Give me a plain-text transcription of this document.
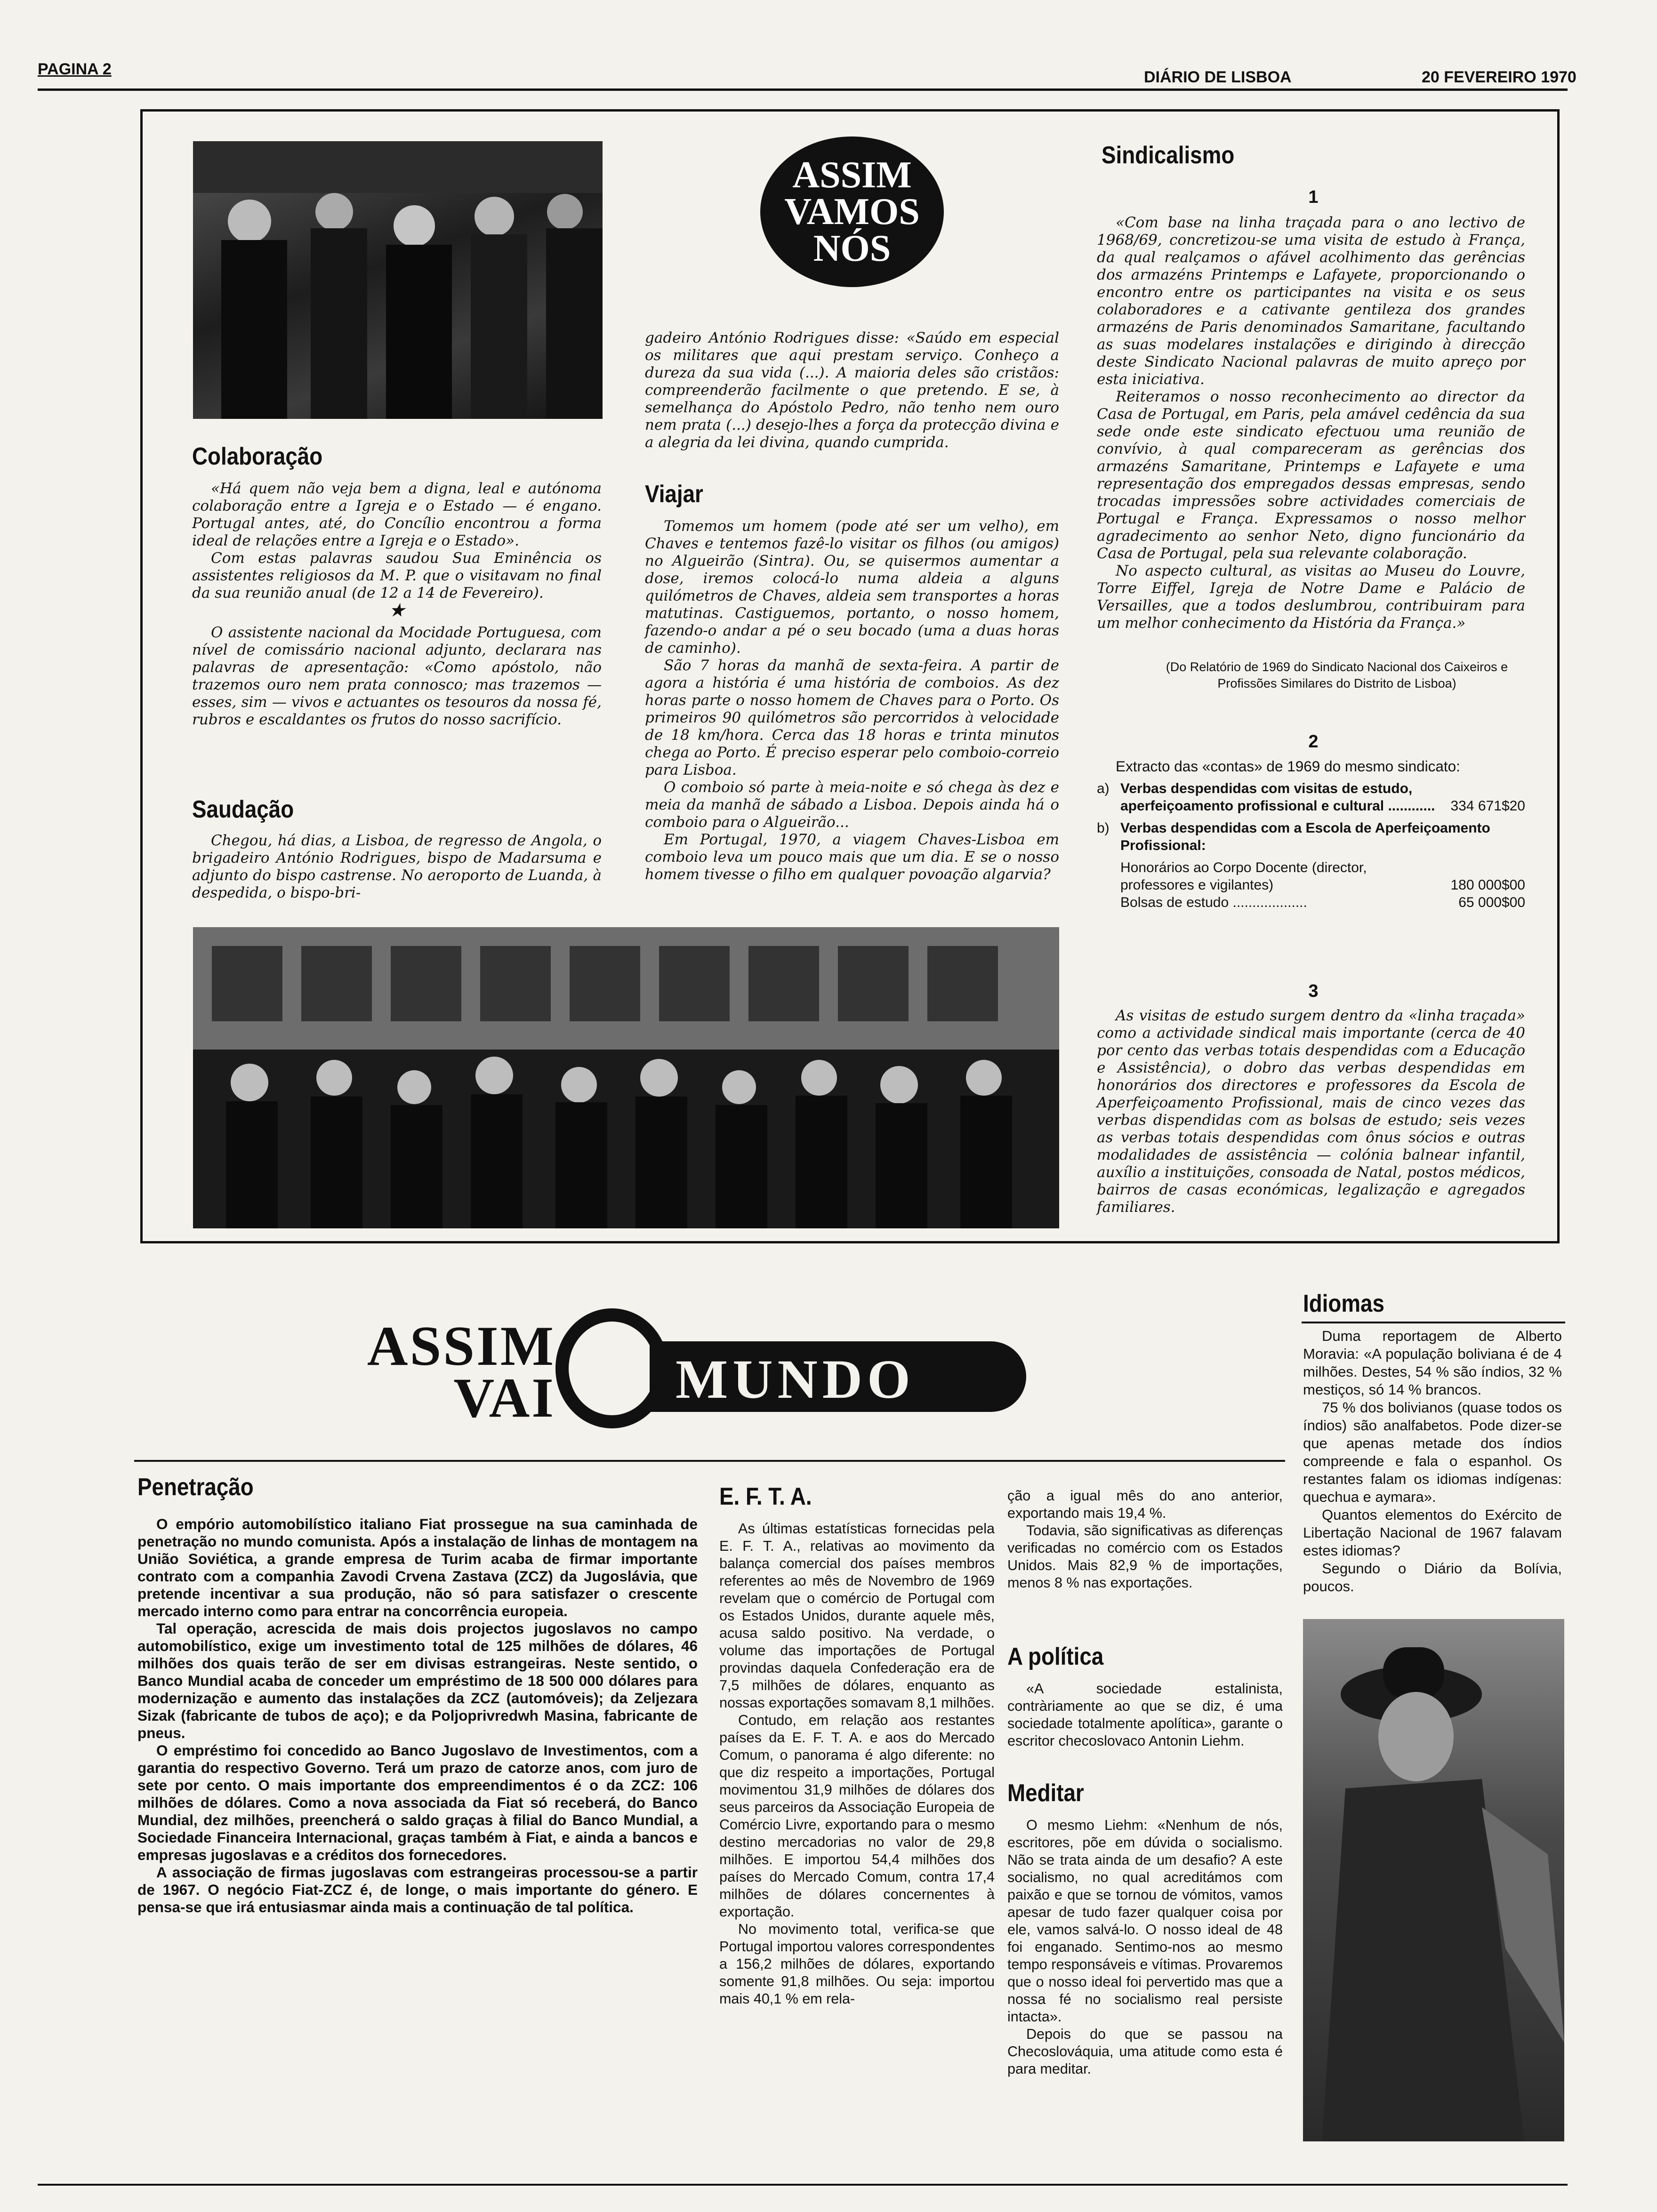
PAGINA 2	DIÁRIO DE LISBOA	20 FEVEREIRO 1970
ASSIM
VAMOS
NÓS
Colaboração

«Há quem não veja bem a digna, leal e autónoma colaboração entre a Igreja e o Estado — é engano. Portugal antes, até, do Concílio encontrou a forma ideal de relações entre a Igreja e o Estado».

Com estas palavras saudou Sua Eminência os assistentes religiosos da M. P. que o visitavam no final da sua reunião anual (de 12 a 14 de Fevereiro).

★

O assistente nacional da Mocidade Portuguesa, com nível de comissário nacional adjunto, declarara nas palavras de apresentação: «Como apóstolo, não trazemos ouro nem prata connosco; mas trazemos — esses, sim — vivos e actuantes os tesouros da nossa fé, rubros e escaldantes os frutos do nosso sacrifício.

Saudação

Chegou, há dias, a Lisboa, de regresso de Angola, o brigadeiro António Rodrigues, bispo de Madarsuma e adjunto do bispo castrense. No aeroporto de Luanda, à despedida, o bispo-bri-

gadeiro António Rodrigues disse: «Saúdo em especial os militares que aqui prestam serviço. Conheço a dureza da sua vida (...). A maioria deles são cristãos: compreenderão facilmente o que pretendo. E se, à semelhança do Apóstolo Pedro, não tenho nem ouro nem prata (...) desejo-lhes a força da protecção divina e a alegria da lei divina, quando cumprida.

Viajar

Tomemos um homem (pode até ser um velho), em Chaves e tentemos fazê-lo visitar os filhos (ou amigos) no Algueirão (Sintra). Ou, se quisermos aumentar a dose, iremos colocá-lo numa aldeia a alguns quilómetros de Chaves, aldeia sem transportes a horas matutinas. Castiguemos, portanto, o nosso homem, fazendo-o andar a pé o seu bocado (uma a duas horas de caminho).

São 7 horas da manhã de sexta-feira. A partir de agora a história é uma história de comboios. As dez horas parte o nosso homem de Chaves para o Porto. Os primeiros 90 quilómetros são percorridos à velocidade de 18 km/hora. Cerca das 18 horas e trinta minutos chega ao Porto. É preciso esperar pelo comboio-correio para Lisboa.

O comboio só parte à meia-noite e só chega às dez e meia da manhã de sábado a Lisboa. Depois ainda há o comboio para o Algueirão...

Em Portugal, 1970, a viagem Chaves-Lisboa em comboio leva um pouco mais que um dia. E se o nosso homem tivesse o filho em qualquer povoação algarvia?

Sindicalismo
1

«Com base na linha traçada para o ano lectivo de 1968/69, concretizou-se uma visita de estudo à França, da qual realçamos o afável acolhimento das gerências dos armazéns Printemps e Lafayete, proporcionando o encontro entre os participantes na visita e os seus colaboradores e a cativante gentileza dos grandes armazéns de Paris denominados Samaritane, facultando as suas modelares instalações e dirigindo à direcção deste Sindicato Nacional palavras de muito apreço por esta iniciativa.

Reiteramos o nosso reconhecimento ao director da Casa de Portugal, em Paris, pela amável cedência da sua sede onde este sindicato efectuou uma reunião de convívio, à qual compareceram as gerências dos armazéns Samaritane, Printemps e Lafayete e uma representação dos empregados dessas empresas, sendo trocadas impressões sobre actividades comerciais de Portugal e França. Expressamos o nosso melhor agradecimento ao senhor Neto, digno funcionário da Casa de Portugal, pela sua relevante colaboração.

No aspecto cultural, as visitas ao Museu do Louvre, Torre Eiffel, Igreja de Notre Dame e Palácio de Versailles, que a todos deslumbrou, contribuiram para um melhor conhecimento da História da França.»

(Do Relatório de 1969 do Sindicato Nacional dos Caixeiros e Profissões Similares do Distrito de Lisboa)
2
Extracto das «contas» de 1969 do mesmo sindicato:
a) Verbas despendidas com visitas de estudo, aperfeiçoamento profissional e cultural ............	334 671$20
b) Verbas despendidas com a Escola de Aperfeiçoamento Profissional:
Honorários ao Corpo Docente (director, professores e vigilantes)	180 000$00
Bolsas de estudo ...................	65 000$00
3

As visitas de estudo surgem dentro da «linha traçada» como a actividade sindical mais importante (cerca de 40 por cento das verbas totais despendidas com a Educação e Assistência), o dobro das verbas despendidas em honorários dos directores e professores da Escola de Aperfeiçoamento Profissional, mais de cinco vezes das verbas dispendidas com as bolsas de estudo; seis vezes as verbas totais despendidas com ônus sócios e outras modalidades de assistência — colónia balnear infantil, auxílio a instituições, consoada de Natal, postos médicos, bairros de casas económicas, legalização e agregados familiares.

ASSIM
VAI MUNDO
Idiomas

Duma reportagem de Alberto Moravia: «A população boliviana é de 4 milhões. Destes, 54 % são índios, 32 % mestiços, só 14 % brancos.

75 % dos bolivianos (quase todos os índios) são analfabetos. Pode dizer-se que apenas metade dos índios compreende e fala o espanhol. Os restantes falam os idiomas indígenas: quechua e aymara».

Quantos elementos do Exército de Libertação Nacional de 1967 falavam estes idiomas?

Segundo o Diário da Bolívia, poucos.

Penetração

O empório automobilístico italiano Fiat prossegue na sua caminhada de penetração no mundo comunista. Após a instalação de linhas de montagem na União Soviética, a grande empresa de Turim acaba de firmar importante contrato com a companhia Zavodi Crvena Zastava (ZCZ) da Jugoslávia, que pretende incentivar a sua produção, não só para satisfazer o crescente mercado interno como para entrar na concorrência europeia.

Tal operação, acrescida de mais dois projectos jugoslavos no campo automobilístico, exige um investimento total de 125 milhões de dólares, 46 milhões dos quais terão de ser em divisas estrangeiras. Neste sentido, o Banco Mundial acaba de conceder um empréstimo de 18 500 000 dólares para modernização e aumento das instalações da ZCZ (automóveis); da Zeljezara Sizak (fabricante de tubos de aço); e da Poljoprivredwh Masina, fabricante de pneus.

O empréstimo foi concedido ao Banco Jugoslavo de Investimentos, com a garantia do respectivo Governo. Terá um prazo de catorze anos, com juro de sete por cento. O mais importante dos empreendimentos é o da ZCZ: 106 milhões de dólares. Como a nova associada da Fiat só receberá, do Banco Mundial, dez milhões, preencherá o saldo graças à filial do Banco Mundial, a Sociedade Financeira Internacional, graças também à Fiat, e ainda a bancos e empresas jugoslavas e a créditos dos fornecedores.

A associação de firmas jugoslavas com estrangeiras processou-se a partir de 1967. O negócio Fiat-ZCZ é, de longe, o mais importante do género. E pensa-se que irá entusiasmar ainda mais a continuação de tal política.

E. F. T. A.

As últimas estatísticas fornecidas pela E. F. T. A., relativas ao movimento da balança comercial dos países membros referentes ao mês de Novembro de 1969 revelam que o comércio de Portugal com os Estados Unidos, durante aquele mês, acusa saldo positivo. Na verdade, o volume das importações de Portugal provindas daquela Confederação era de 7,5 milhões de dólares, enquanto as nossas exportações somavam 8,1 milhões.

Contudo, em relação aos restantes países da E. F. T. A. e aos do Mercado Comum, o panorama é algo diferente: no que diz respeito a importações, Portugal movimentou 31,9 milhões de dólares dos seus parceiros da Associação Europeia de Comércio Livre, exportando para o mesmo destino mercadorias no valor de 29,8 milhões. E importou 54,4 milhões dos países do Mercado Comum, contra 17,4 milhões de dólares concernentes à exportação.

No movimento total, verifica-se que Portugal importou valores correspondentes a 156,2 milhões de dólares, exportando somente 91,8 milhões. Ou seja: importou mais 40,1 % em rela-

ção a igual mês do ano anterior, exportando mais 19,4 %.

Todavia, são significativas as diferenças verificadas no comércio com os Estados Unidos. Mais 82,9 % de importações, menos 8 % nas exportações.

A política

«A sociedade estalinista, contràriamente ao que se diz, é uma sociedade totalmente apolítica», garante o escritor checoslovaco Antonin Liehm.

Meditar

O mesmo Liehm: «Nenhum de nós, escritores, põe em dúvida o socialismo. Não se trata ainda de um desafio? A este socialismo, no qual acreditámos com paixão e que se tornou de vómitos, vamos apesar de tudo fazer qualquer coisa por ele, vamos salvá-lo. O nosso ideal de 48 foi enganado. Sentimo-nos ao mesmo tempo responsáveis e vítimas. Provaremos que o nosso ideal foi pervertido mas que a nossa fé no socialismo real persiste intacta».

Depois do que se passou na Checoslováquia, uma atitude como esta é para meditar.
